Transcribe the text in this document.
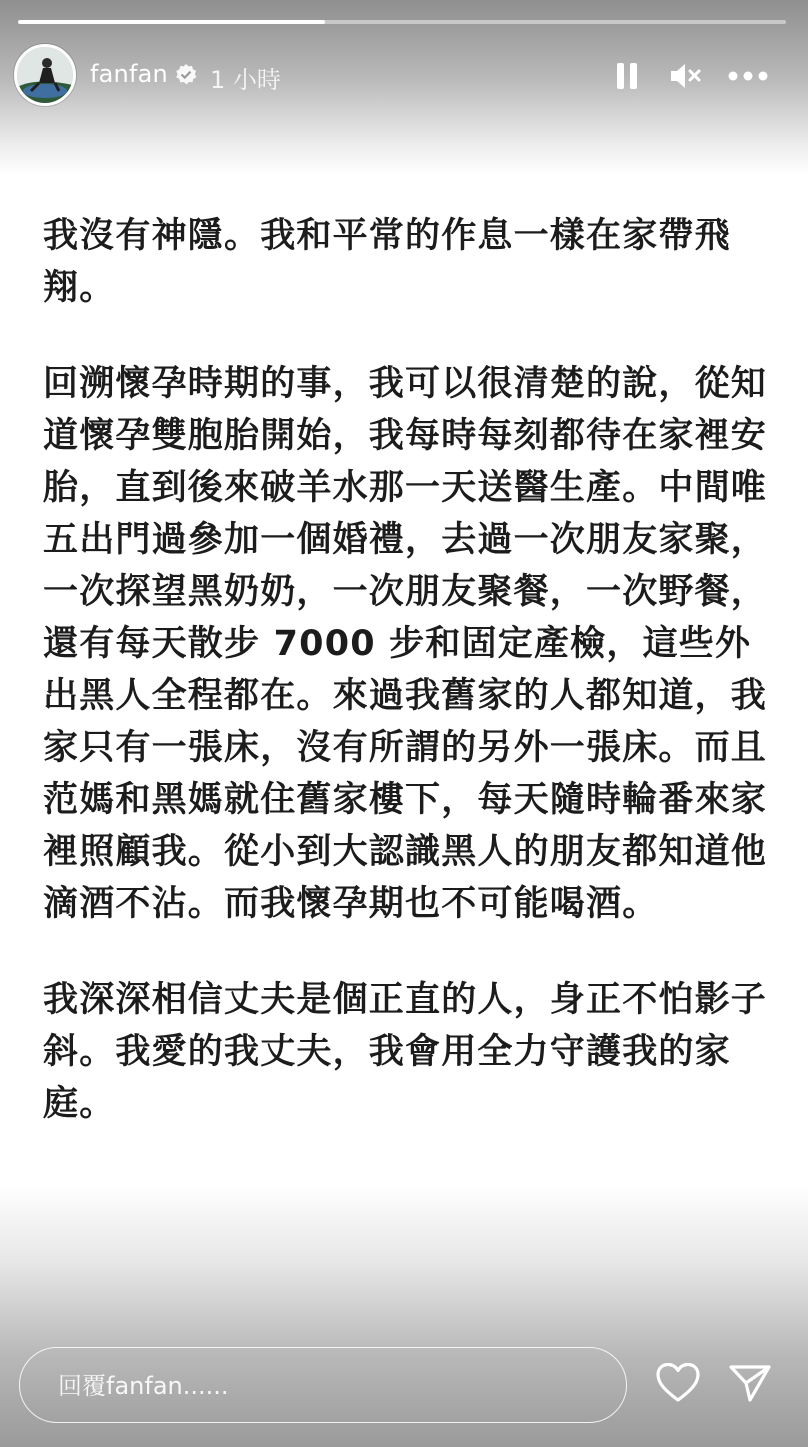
fanfan 1 小時

我沒有神隱。我和平常的作息一樣在家帶飛翔。

回溯懷孕時期的事，我可以很清楚的說，從知道懷孕雙胞胎開始，我每時每刻都待在家裡安胎，直到後來破羊水那一天送醫生產。中間唯五出門過參加一個婚禮，去過一次朋友家聚，一次探望黑奶奶，一次朋友聚餐，一次野餐，還有每天散步 7000 步和固定產檢，這些外出黑人全程都在。來過我舊家的人都知道，我家只有一張床，沒有所謂的另外一張床。而且范媽和黑媽就住舊家樓下，每天隨時輪番來家裡照顧我。從小到大認識黑人的朋友都知道他滴酒不沾。而我懷孕期也不可能喝酒。

我深深相信丈夫是個正直的人，身正不怕影子斜。我愛的我丈夫，我會用全力守護我的家庭。

回覆fanfan......
